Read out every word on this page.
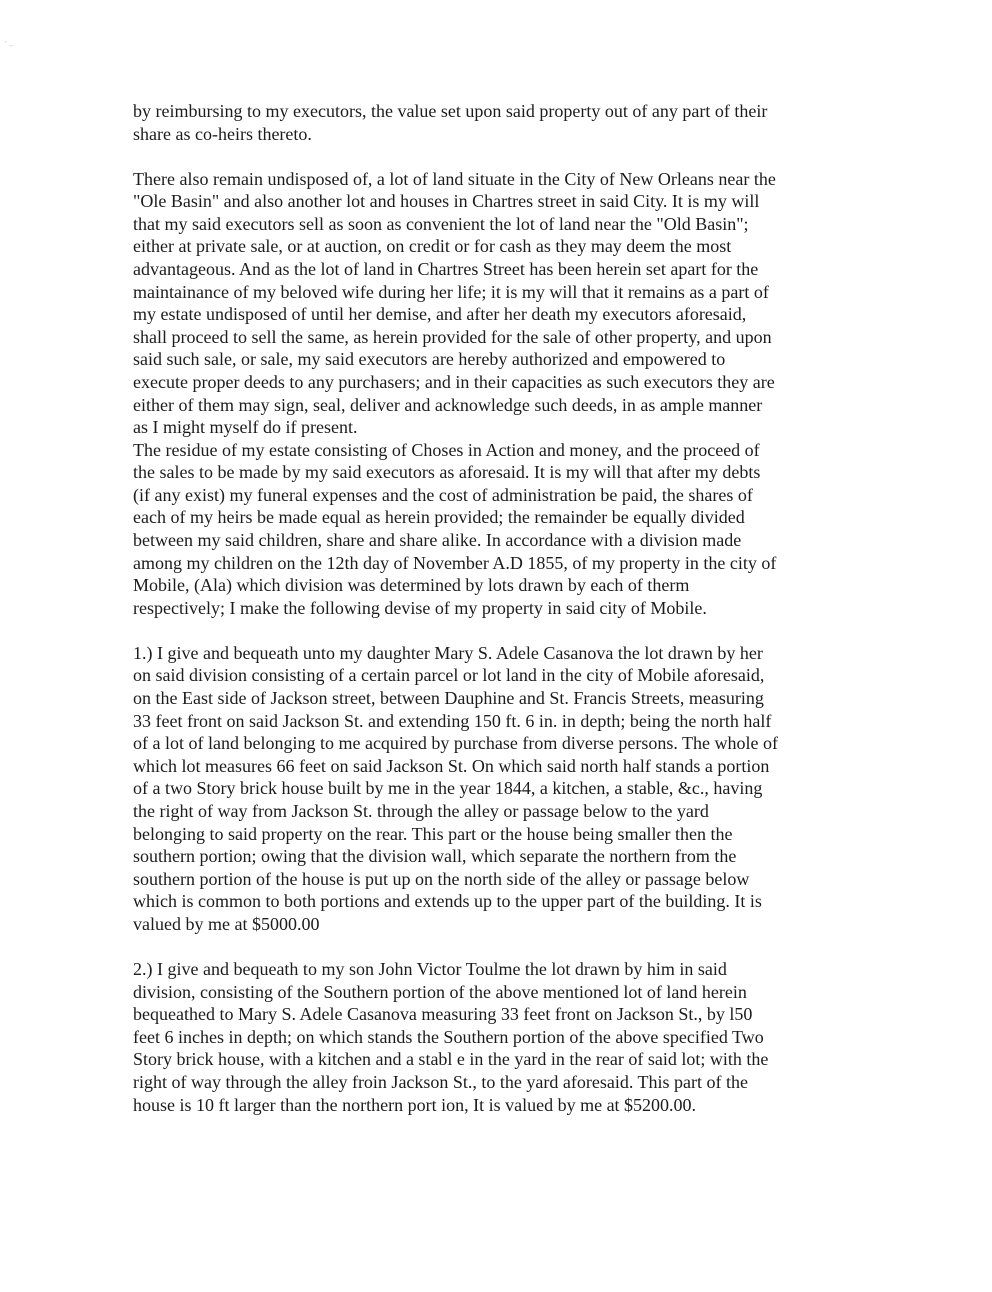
‐ _
by reimbursing to my executors, the value set upon said property out of any part of their
share as co-heirs thereto.
There also remain undisposed of, a lot of land situate in the City of New Orleans near the
"Ole Basin" and also another lot and houses in Chartres street in said City. It is my will
that my said executors sell as soon as convenient the lot of land near the "Old Basin";
either at private sale, or at auction, on credit or for cash as they may deem the most
advantageous. And as the lot of land in Chartres Street has been herein set apart for the
maintainance of my beloved wife during her life; it is my will that it remains as a part of
my estate undisposed of until her demise, and after her death my executors aforesaid,
shall proceed to sell the same, as herein provided for the sale of other property, and upon
said such sale, or sale, my said executors are hereby authorized and empowered to
execute proper deeds to any purchasers; and in their capacities as such executors they are
either of them may sign, seal, deliver and acknowledge such deeds, in as ample manner
as I might myself do if present.
The residue of my estate consisting of Choses in Action and money, and the proceed of
the sales to be made by my said executors as aforesaid. It is my will that after my debts
(if any exist) my funeral expenses and the cost of administration be paid, the shares of
each of my heirs be made equal as herein provided; the remainder be equally divided
between my said children, share and share alike. In accordance with a division made
among my children on the 12th day of November A.D 1855, of my property in the city of
Mobile, (Ala) which division was determined by lots drawn by each of therm
respectively; I make the following devise of my property in said city of Mobile.
1.) I give and bequeath unto my daughter Mary S. Adele Casanova the lot drawn by her
on said division consisting of a certain parcel or lot land in the city of Mobile aforesaid,
on the East side of Jackson street, between Dauphine and St. Francis Streets, measuring
33 feet front on said Jackson St. and extending 150 ft. 6 in. in depth; being the north half
of a lot of land belonging to me acquired by purchase from diverse persons. The whole of
which lot measures 66 feet on said Jackson St. On which said north half stands a portion
of a two Story brick house built by me in the year 1844, a kitchen, a stable, &c., having
the right of way from Jackson St. through the alley or passage below to the yard
belonging to said property on the rear. This part or the house being smaller then the
southern portion; owing that the division wall, which separate the northern from the
southern portion of the house is put up on the north side of the alley or passage below
which is common to both portions and extends up to the upper part of the building. It is
valued by me at $5000.00
2.) I give and bequeath to my son John Victor Toulme the lot drawn by him in said
division, consisting of the Southern portion of the above mentioned lot of land herein
bequeathed to Mary S. Adele Casanova measuring 33 feet front on Jackson St., by l50
feet 6 inches in depth; on which stands the Southern portion of the above specified Two
Story brick house, with a kitchen and a stabl e in the yard in the rear of said lot; with the
right of way through the alley froin Jackson St., to the yard aforesaid. This part of the
house is 10 ft larger than the northern port ion, It is valued by me at $5200.00.
